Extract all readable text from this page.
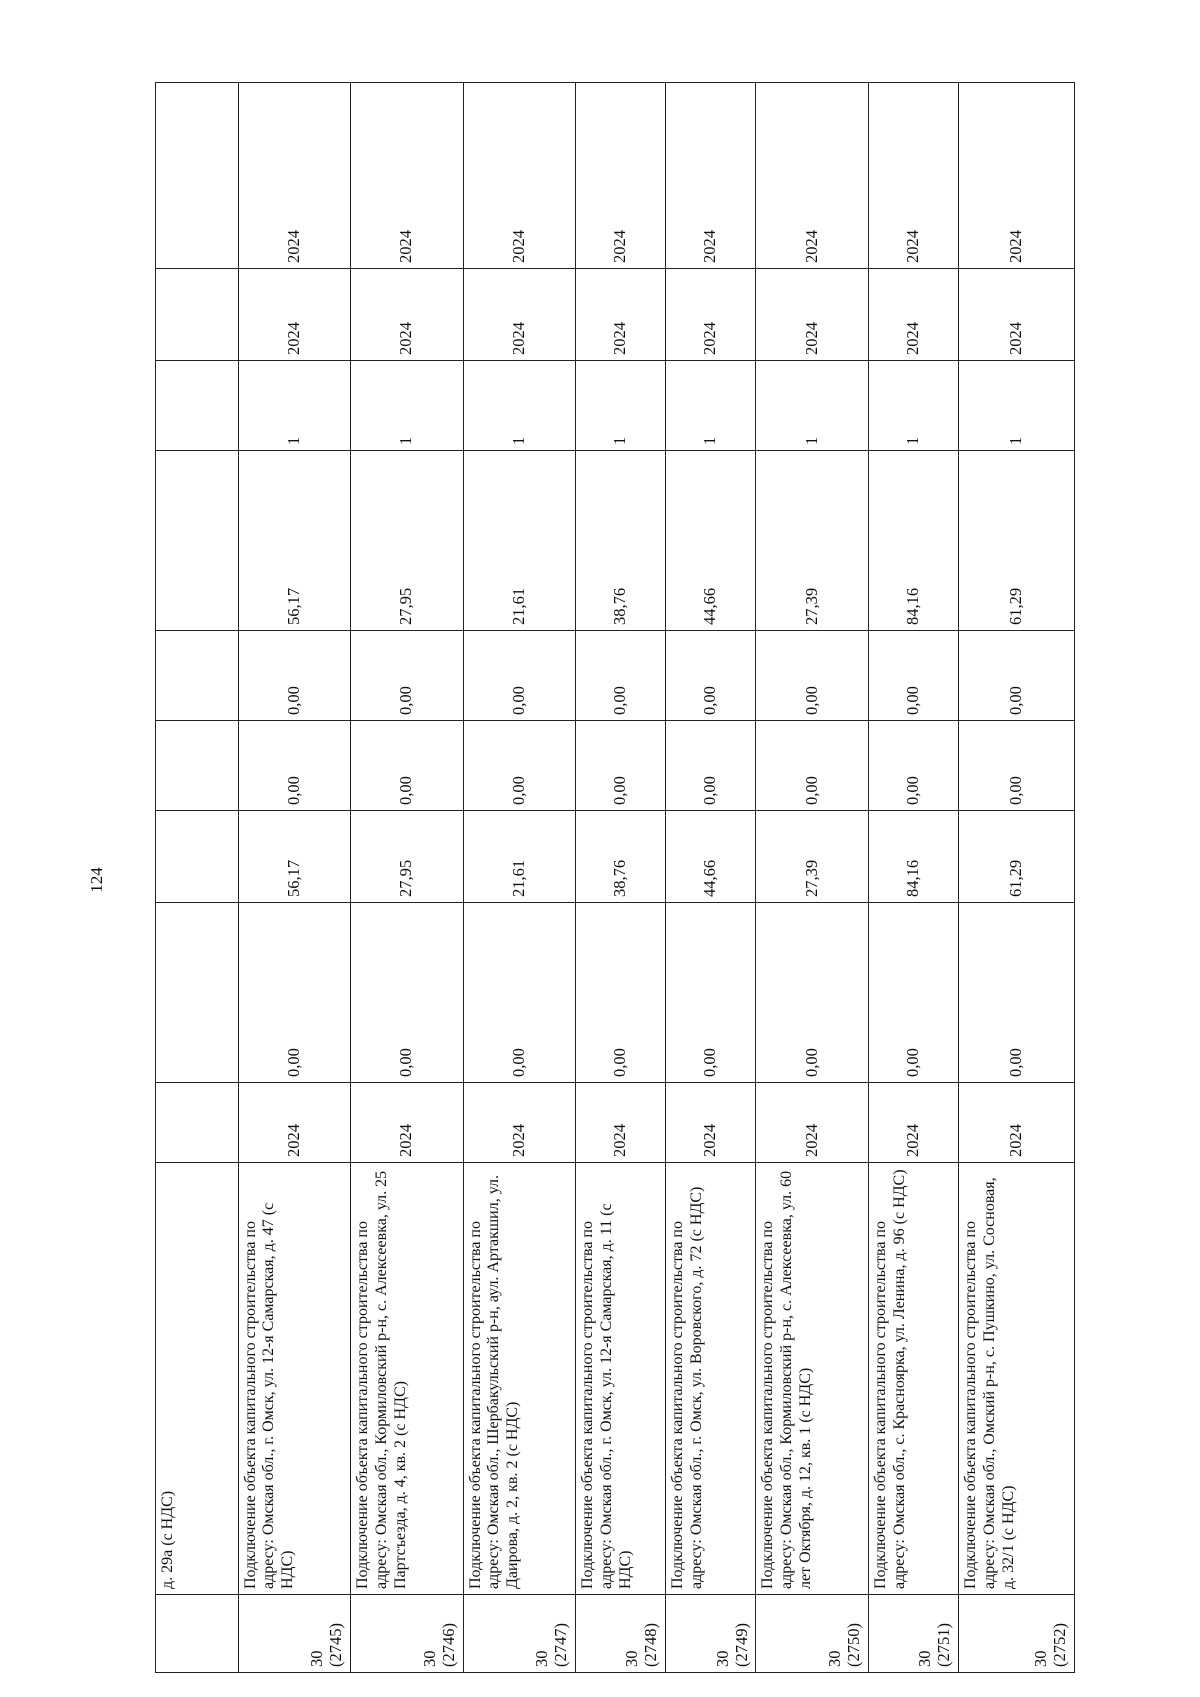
124
	д. 29а (с НДС)									

30 (2745)	Подключение объекта капитального строительства по адресу: Омская обл., г. Омск, ул. 12-я Самарская, д. 47 (с НДС)	2024	0,00	56,17	0,00	0,00	56,17	1	2024	2024

30 (2746)	Подключение объекта капитального строительства по адресу: Омская обл., Кормиловский р-н, с. Алексеевка, ул. 25 Партсъезда, д. 4, кв. 2 (с НДС)	2024	0,00	27,95	0,00	0,00	27,95	1	2024	2024

30 (2747)	Подключение объекта капитального строительства по адресу: Омская обл., Шербакульский р-н, аул. Артакшил, ул. Даирова, д. 2, кв. 2 (с НДС)	2024	0,00	21,61	0,00	0,00	21,61	1	2024	2024

30 (2748)	Подключение объекта капитального строительства по адресу: Омская обл., г. Омск, ул. 12-я Самарская, д. 11 (с НДС)	2024	0,00	38,76	0,00	0,00	38,76	1	2024	2024

30 (2749)	Подключение объекта капитального строительства по адресу: Омская обл., г. Омск, ул. Воровского, д. 72 (с НДС)	2024	0,00	44,66	0,00	0,00	44,66	1	2024	2024

30 (2750)	Подключение объекта капитального строительства по адресу: Омская обл., Кормиловский р-н, с. Алексеевка, ул. 60 лет Октября, д. 12, кв. 1 (с НДС)	2024	0,00	27,39	0,00	0,00	27,39	1	2024	2024

30 (2751)	Подключение объекта капитального строительства по адресу: Омская обл., с. Красноярка, ул. Ленина, д. 96 (с НДС)	2024	0,00	84,16	0,00	0,00	84,16	1	2024	2024

30 (2752)	Подключение объекта капитального строительства по адресу: Омская обл., Омский р-н, с. Пушкино, ул. Сосновая, д. 32/1 (с НДС)	2024	0,00	61,29	0,00	0,00	61,29	1	2024	2024
